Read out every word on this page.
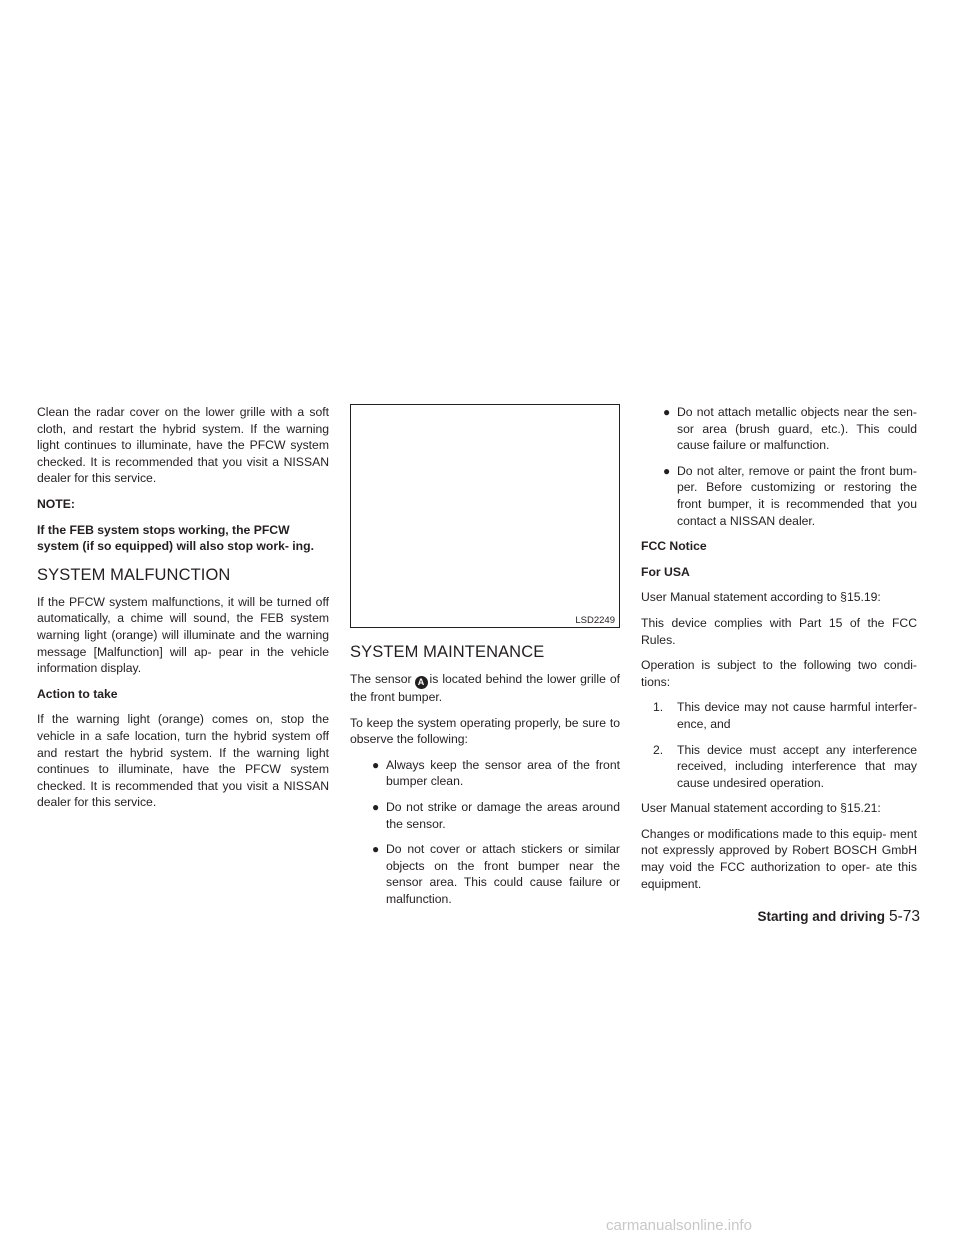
Clean the radar cover on the lower grille with a soft cloth, and restart the hybrid system. If the warning light continues to illuminate, have the PFCW system checked. It is recommended that you visit a NISSAN dealer for this service.

NOTE:
If the FEB system stops working, the PFCW system (if so equipped) will also stop work- ing.
SYSTEM MALFUNCTION

If the PFCW system malfunctions, it will be turned off automatically, a chime will sound, the FEB system warning light (orange) will illuminate and the warning message [Malfunction] will ap- pear in the vehicle information display.

Action to take

If the warning light (orange) comes on, stop the vehicle in a safe location, turn the hybrid system off and restart the hybrid system. If the warning light continues to illuminate, have the PFCW system checked. It is recommended that you visit a NISSAN dealer for this service.

LSD2249
SYSTEM MAINTENANCE

The sensor A is located behind the lower grille of the front bumper.

To keep the system operating properly, be sure to observe the following:

● Always keep the sensor area of the front bumper clean.
● Do not strike or damage the areas around the sensor.
● Do not cover or attach stickers or similar objects on the front bumper near the sensor area. This could cause failure or malfunction.
● Do not attach metallic objects near the sen- sor area (brush guard, etc.). This could cause failure or malfunction.
● Do not alter, remove or paint the front bum- per. Before customizing or restoring the front bumper, it is recommended that you contact a NISSAN dealer.
FCC Notice
For USA

User Manual statement according to §15.19:

This device complies with Part 15 of the FCC Rules.

Operation is subject to the following two condi- tions:

1. This device may not cause harmful interfer- ence, and
2. This device must accept any interference received, including interference that may cause undesired operation.

User Manual statement according to §15.21:

Changes or modifications made to this equip- ment not expressly approved by Robert BOSCH GmbH may void the FCC authorization to oper- ate this equipment.

Starting and driving 5-73
carmanualsonline.info
